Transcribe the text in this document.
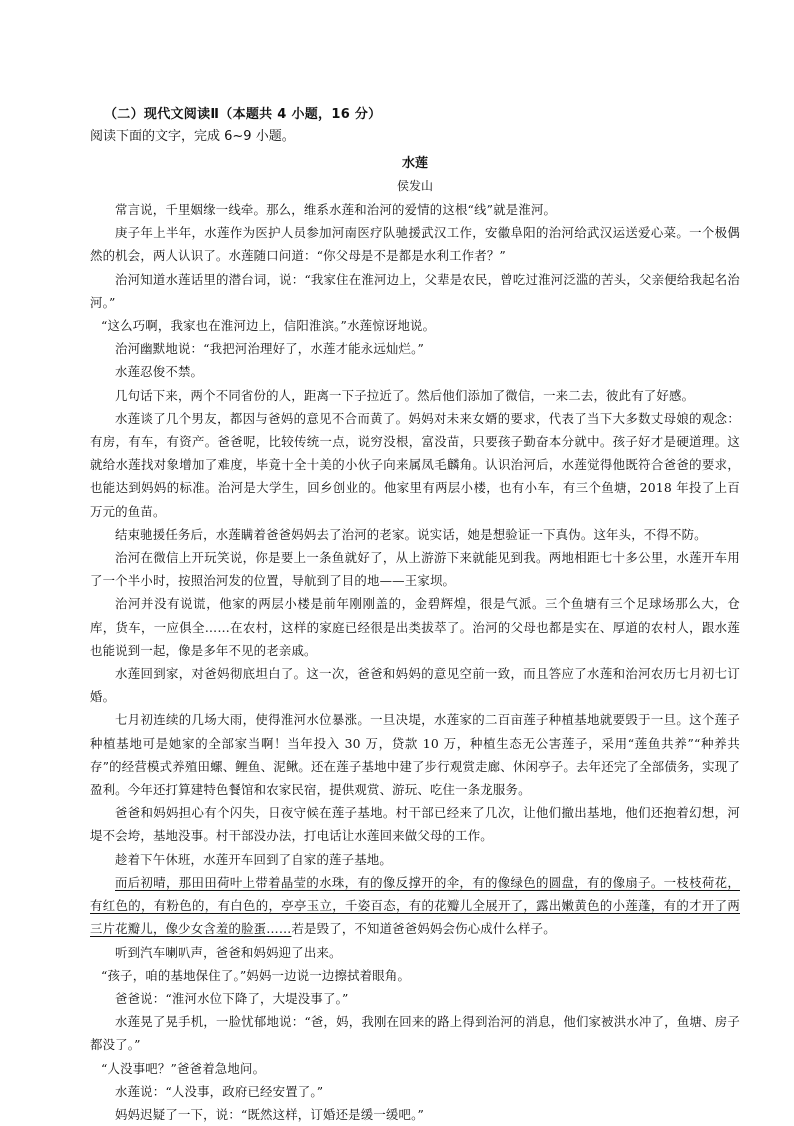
（二）现代文阅读Ⅱ（本题共 4 小题，16 分）

阅读下面的文字，完成 6~9 小题。

水莲

侯发山

常言说，千里姻缘一线牵。那么，维系水莲和治河的爱情的这根“线”就是淮河。

庚子年上半年，水莲作为医护人员参加河南医疗队驰援武汉工作，安徽阜阳的治河给武汉运送爱心菜。一个极偶然的机会，两人认识了。水莲随口问道：“你父母是不是都是水利工作者？”

治河知道水莲话里的潜台词，说：“我家住在淮河边上，父辈是农民，曾吃过淮河泛滥的苦头，父亲便给我起名治河。”

“这么巧啊，我家也在淮河边上，信阳淮滨。”水莲惊讶地说。

治河幽默地说：“我把河治理好了，水莲才能永远灿烂。”

水莲忍俊不禁。

几句话下来，两个不同省份的人，距离一下子拉近了。然后他们添加了微信，一来二去，彼此有了好感。

水莲谈了几个男友，都因与爸妈的意见不合而黄了。妈妈对未来女婿的要求，代表了当下大多数丈母娘的观念：有房，有车，有资产。爸爸呢，比较传统一点，说穷没根，富没苗，只要孩子勤奋本分就中。孩子好才是硬道理。这就给水莲找对象增加了难度，毕竟十全十美的小伙子向来属凤毛麟角。认识治河后，水莲觉得他既符合爸爸的要求，也能达到妈妈的标准。治河是大学生，回乡创业的。他家里有两层小楼，也有小车，有三个鱼塘，2018 年投了上百万元的鱼苗。

结束驰援任务后，水莲瞒着爸爸妈妈去了治河的老家。说实话，她是想验证一下真伪。这年头，不得不防。

治河在微信上开玩笑说，你是要上一条鱼就好了，从上游游下来就能见到我。两地相距七十多公里，水莲开车用了一个半小时，按照治河发的位置，导航到了目的地——王家坝。

治河并没有说谎，他家的两层小楼是前年刚刚盖的，金碧辉煌，很是气派。三个鱼塘有三个足球场那么大，仓库，货车，一应俱全……在农村，这样的家庭已经很是出类拔萃了。治河的父母也都是实在、厚道的农村人，跟水莲也能说到一起，像是多年不见的老亲戚。

水莲回到家，对爸妈彻底坦白了。这一次，爸爸和妈妈的意见空前一致，而且答应了水莲和治河农历七月初七订婚。

七月初连续的几场大雨，使得淮河水位暴涨。一旦决堤，水莲家的二百亩莲子种植基地就要毁于一旦。这个莲子种植基地可是她家的全部家当啊！当年投入 30 万，贷款 10 万，种植生态无公害莲子，采用“莲鱼共养”“种养共存”的经营模式养殖田螺、鲤鱼、泥鳅。还在莲子基地中建了步行观赏走廊、休闲亭子。去年还完了全部债务，实现了盈利。今年还打算建特色餐馆和农家民宿，提供观赏、游玩、吃住一条龙服务。

爸爸和妈妈担心有个闪失，日夜守候在莲子基地。村干部已经来了几次，让他们撤出基地，他们还抱着幻想，河堤不会垮，基地没事。村干部没办法，打电话让水莲回来做父母的工作。

趁着下午休班，水莲开车回到了自家的莲子基地。

而后初晴，那田田荷叶上带着晶莹的水珠，有的像反撑开的伞，有的像绿色的圆盘，有的像扇子。一枝枝荷花，有红色的，有粉色的，有白色的，亭亭玉立，千姿百态，有的花瓣儿全展开了，露出嫩黄色的小莲蓬，有的才开了两三片花瓣儿，像少女含羞的脸蛋……若是毁了，不知道爸爸妈妈会伤心成什么样子。

听到汽车喇叭声，爸爸和妈妈迎了出来。

“孩子，咱的基地保住了。”妈妈一边说一边擦拭着眼角。

爸爸说：“淮河水位下降了，大堤没事了。”

水莲晃了晃手机，一脸忧郁地说：“爸，妈，我刚在回来的路上得到治河的消息，他们家被洪水冲了，鱼塘、房子都没了。”

“人没事吧？”爸爸着急地问。

水莲说：“人没事，政府已经安置了。”

妈妈迟疑了一下，说：“既然这样，订婚还是缓一缓吧。”
